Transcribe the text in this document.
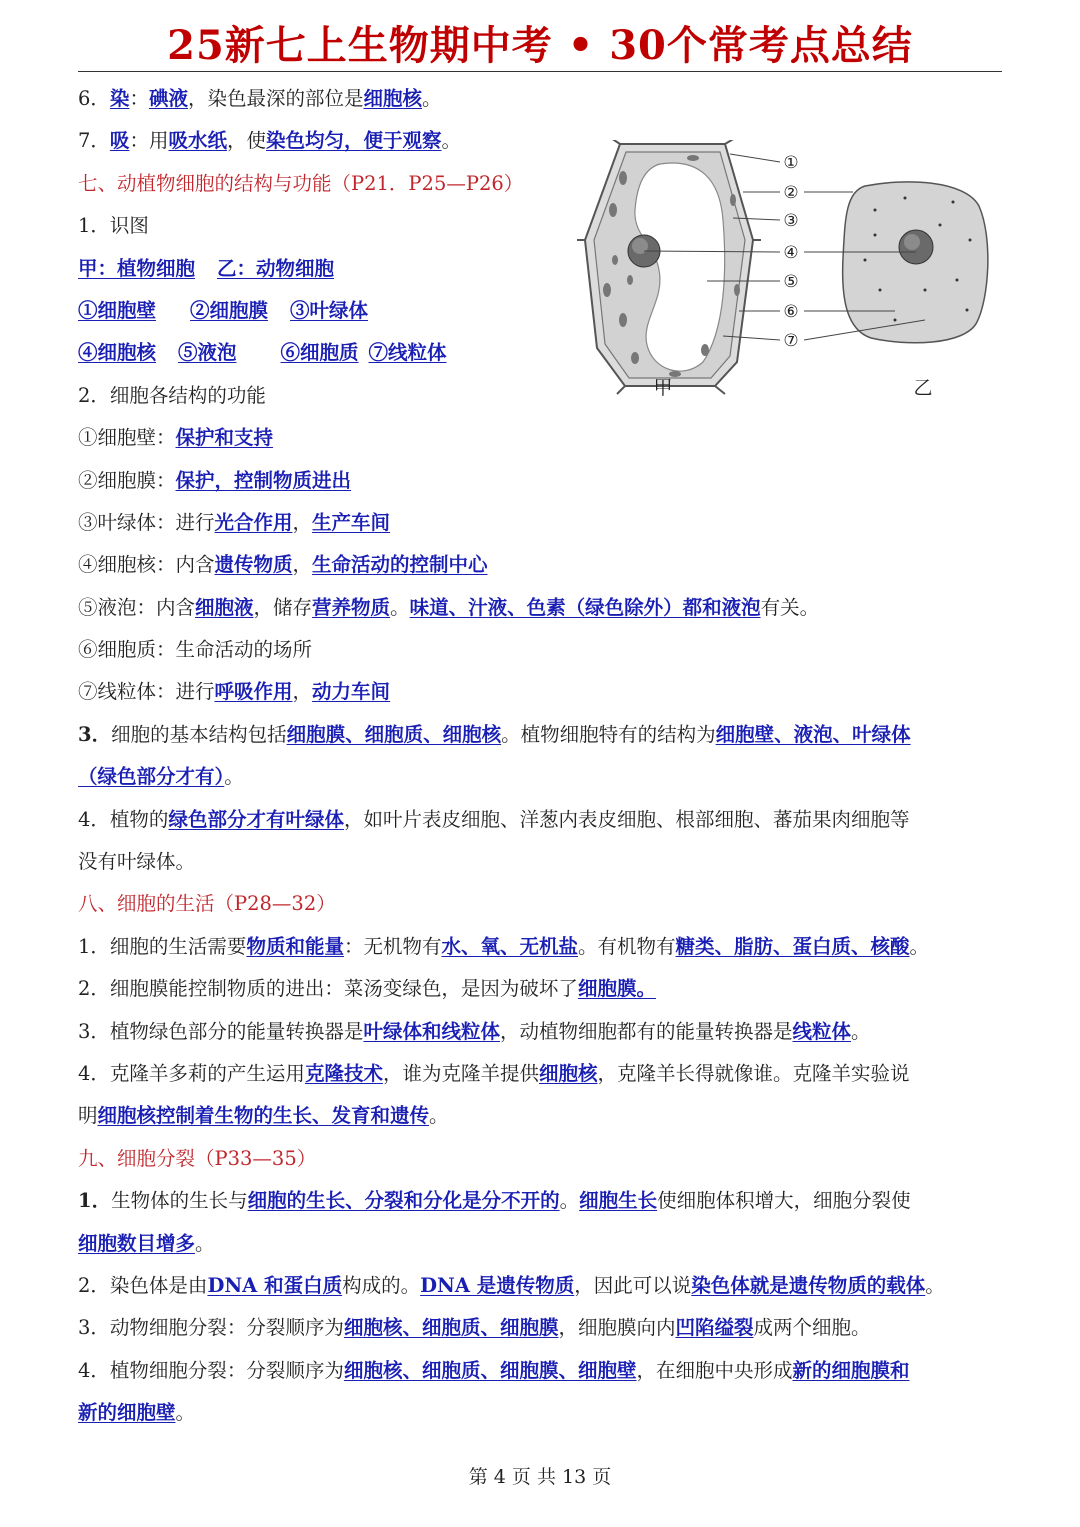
25新七上生物期中考 • 30个常考点总结
6．染：碘液，染色最深的部位是细胞核。
7．吸：用吸水纸，使染色均匀，便于观察。
七、动植物细胞的结构与功能（P21．P25—P26）
1．识图
甲：植物细胞 乙：动物细胞
①细胞壁 ②细胞膜 ③叶绿体
④细胞核 ⑤液泡 ⑥细胞质 ⑦线粒体
2．细胞各结构的功能
①细胞壁：保护和支持
②细胞膜：保护，控制物质进出
③叶绿体：进行光合作用，生产车间
④细胞核：内含遗传物质，生命活动的控制中心
⑤液泡：内含细胞液，储存营养物质。味道、汁液、色素（绿色除外）都和液泡有关。
⑥细胞质：生命活动的场所
⑦线粒体：进行呼吸作用，动力车间
3．细胞的基本结构包括细胞膜、细胞质、细胞核。植物细胞特有的结构为细胞壁、液泡、叶绿体
（绿色部分才有）。
4．植物的绿色部分才有叶绿体，如叶片表皮细胞、洋葱内表皮细胞、根部细胞、蕃茄果肉细胞等
没有叶绿体。
八、细胞的生活（P28—32）
1．细胞的生活需要物质和能量：无机物有水、氧、无机盐。有机物有糖类、脂肪、蛋白质、核酸。
2．细胞膜能控制物质的进出：菜汤变绿色，是因为破坏了细胞膜。
3．植物绿色部分的能量转换器是叶绿体和线粒体，动植物细胞都有的能量转换器是线粒体。
4．克隆羊多莉的产生运用克隆技术，谁为克隆羊提供细胞核，克隆羊长得就像谁。克隆羊实验说
明细胞核控制着生物的生长、发育和遗传。
九、细胞分裂（P33—35）
1．生物体的生长与细胞的生长、分裂和分化是分不开的。细胞生长使细胞体积增大，细胞分裂使
细胞数目增多。
2．染色体是由DNA 和蛋白质构成的。DNA 是遗传物质，因此可以说染色体就是遗传物质的载体。
3．动物细胞分裂：分裂顺序为细胞核、细胞质、细胞膜，细胞膜向内凹陷缢裂成两个细胞。
4．植物细胞分裂：分裂顺序为细胞核、细胞质、细胞膜、细胞壁，在细胞中央形成新的细胞膜和
新的细胞壁。
①
②
③
④
⑤
⑥
⑦
甲	乙
第 4 页 共 13 页
